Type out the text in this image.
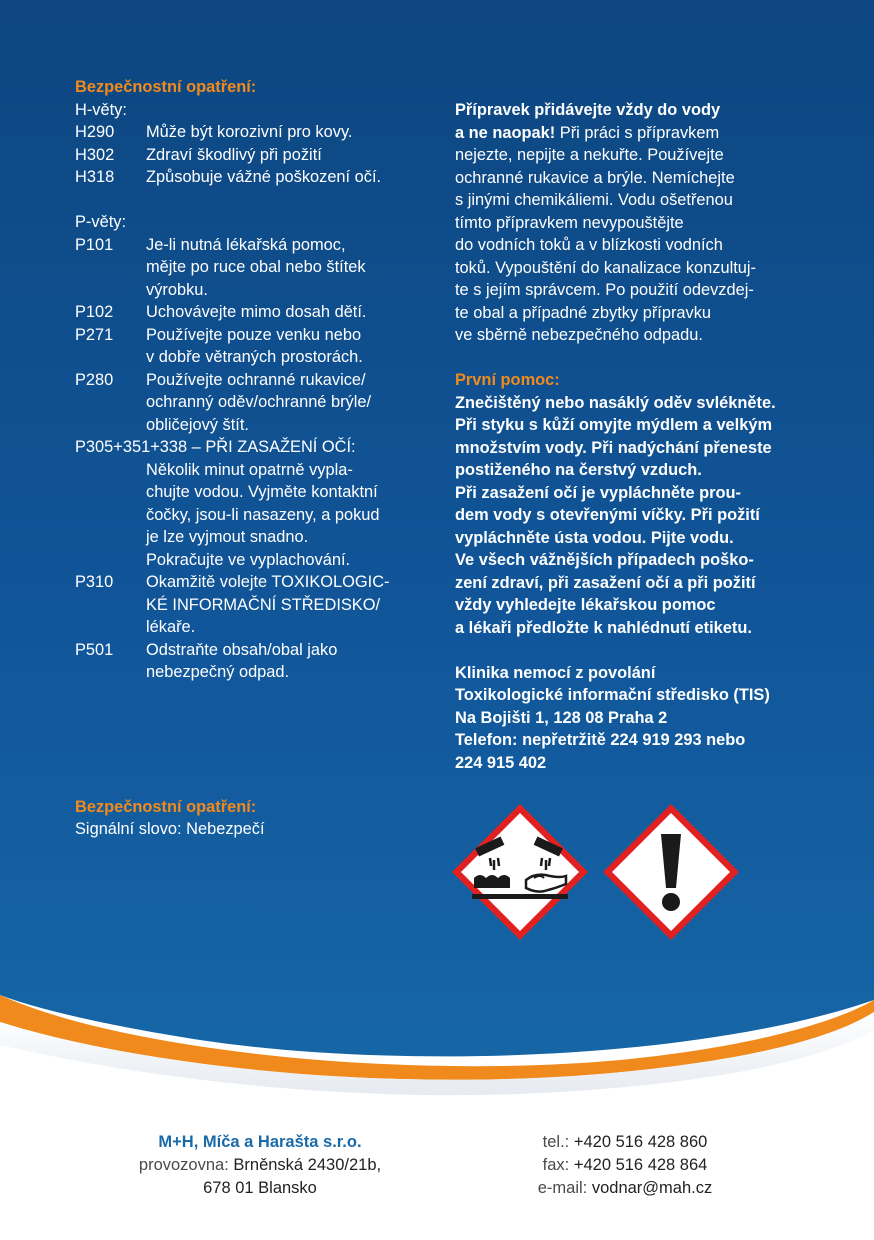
Bezpečnostní opatření:
H-věty:
H290	Může být korozivní pro kovy.
H302	Zdraví škodlivý při požití
H318	Způsobuje vážné poškození očí.
P-věty:
P101	Je-li nutná lékařská pomoc,
mějte po ruce obal nebo štítek
výrobku.
P102	Uchovávejte mimo dosah dětí.
P271	Používejte pouze venku nebo
v dobře větraných prostorách.
P280	Používejte ochranné rukavice/
ochranný oděv/ochranné brýle/
obličejový štít.
P305+351+338 – PŘI ZASAŽENÍ OČÍ:
Několik minut opatrně vypla-
chujte vodou. Vyjměte kontaktní
čočky, jsou-li nasazeny, a pokud
je lze vyjmout snadno.
Pokračujte ve vyplachování.
P310	Okamžitě volejte TOXIKOLOGIC-
KÉ INFORMAČNÍ STŘEDISKO/
lékaře.
P501	Odstraňte obsah/obal jako
nebezpečný odpad.
Bezpečnostní opatření:
Signální slovo: Nebezpečí
Přípravek přidávejte vždy do vody
a ne naopak! Při práci s přípravkem
nejezte, nepijte a nekuřte. Používejte
ochranné rukavice a brýle. Nemíchejte
s jinými chemikáliemi. Vodu ošetřenou
tímto přípravkem nevypouštějte
do vodních toků a v blízkosti vodních
toků. Vypouštění do kanalizace konzultuj-
te s jejím správcem. Po použití odevzdej-
te obal a případné zbytky přípravku
ve sběrně nebezpečného odpadu.
První pomoc:
Znečištěný nebo nasáklý oděv svlékněte.
Při styku s kůží omyjte mýdlem a velkým
množstvím vody. Při nadýchání přeneste
postiženého na čerstvý vzduch.
Při zasažení očí je vypláchněte prou-
dem vody s otevřenými víčky. Při požití
vypláchněte ústa vodou. Pijte vodu.
Ve všech vážnějších případech poško-
zení zdraví, při zasažení očí a při požití
vždy vyhledejte lékařskou pomoc
a lékaři předložte k nahlédnutí etiketu.
Klinika nemocí z povolání
Toxikologické informační středisko (TIS)
Na Bojišti 1, 128 08 Praha 2
Telefon: nepřetržitě 224 919 293 nebo
224 915 402
M+H, Míča a Harašta s.r.o.
provozovna: Brněnská 2430/21b,
678 01 Blansko
tel.: +420 516 428 860
fax: +420 516 428 864
e-mail: vodnar@mah.cz
